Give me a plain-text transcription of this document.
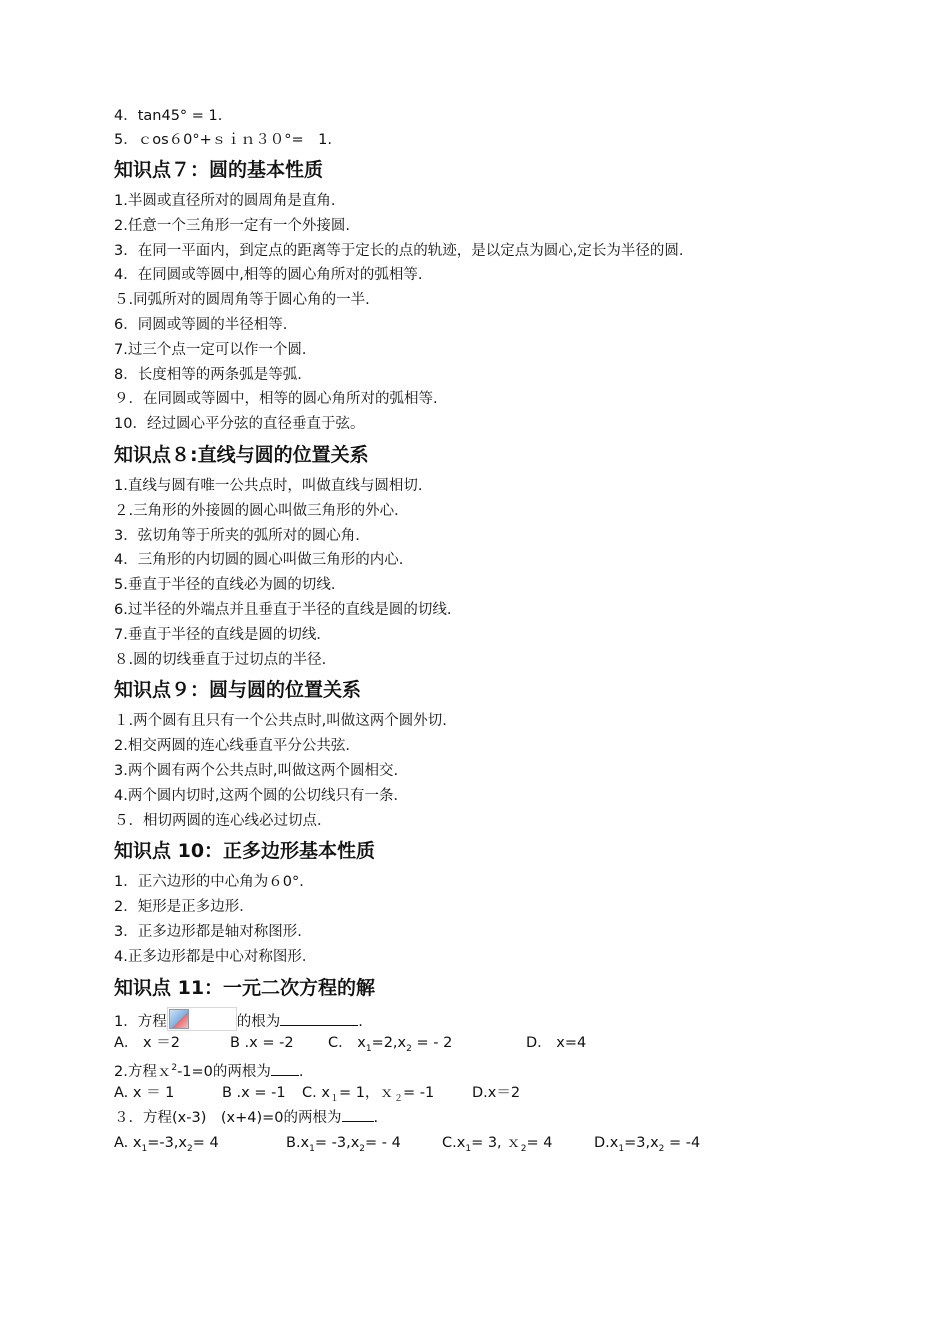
4．tan45° = 1.
5．ｃos６0°+ｓｉｎ３０°=　1.
知识点７：圆的基本性质
1.半圆或直径所对的圆周角是直角.
2.任意一个三角形一定有一个外接圆.
3．在同一平面内，到定点的距离等于定长的点的轨迹，是以定点为圆心,定长为半径的圆.
4．在同圆或等圆中,相等的圆心角所对的弧相等.
５.同弧所对的圆周角等于圆心角的一半.
6．同圆或等圆的半径相等.
7.过三个点一定可以作一个圆．
8．长度相等的两条弧是等弧.
９．在同圆或等圆中，相等的圆心角所对的弧相等.
10．经过圆心平分弦的直径垂直于弦。
知识点８:直线与圆的位置关系
1.直线与圆有唯一公共点时，叫做直线与圆相切.
２.三角形的外接圆的圆心叫做三角形的外心．
3．弦切角等于所夹的弧所对的圆心角.
4．三角形的内切圆的圆心叫做三角形的内心.
5.垂直于半径的直线必为圆的切线．
6.过半径的外端点并且垂直于半径的直线是圆的切线.
7.垂直于半径的直线是圆的切线．
８.圆的切线垂直于过切点的半径.
知识点９：圆与圆的位置关系
１.两个圆有且只有一个公共点时,叫做这两个圆外切.
2.相交两圆的连心线垂直平分公共弦.
3.两个圆有两个公共点时,叫做这两个圆相交.
4.两个圆内切时,这两个圆的公切线只有一条．
５．相切两圆的连心线必过切点．
知识点 10：正多边形基本性质
1．正六边形的中心角为６0°．
2．矩形是正多边形．
3．正多边形都是轴对称图形.
4.正多边形都是中心对称图形．
知识点 11：一元二次方程的解
1．方程	的根为	.
A． x ＝2	B .x = -2 C． $x_1=2,x_2$ = - 2	D． x=4
2.方程ｘ$^2$-1=0的两根为 .
A. x ＝ 1	B .x = -1 C. $x_1= 1$，ｘ$_2$= -1	D.x＝2
３．方程(x-3)　(x+4)=0的两根为 .
A. $x_1=-3,x_2= 4$	$B.x_1= -3,x_2= - 4$	$C.x_1= 3$, ｘ$_2$= 4	$D.x_1=3,x_2 = -4$
